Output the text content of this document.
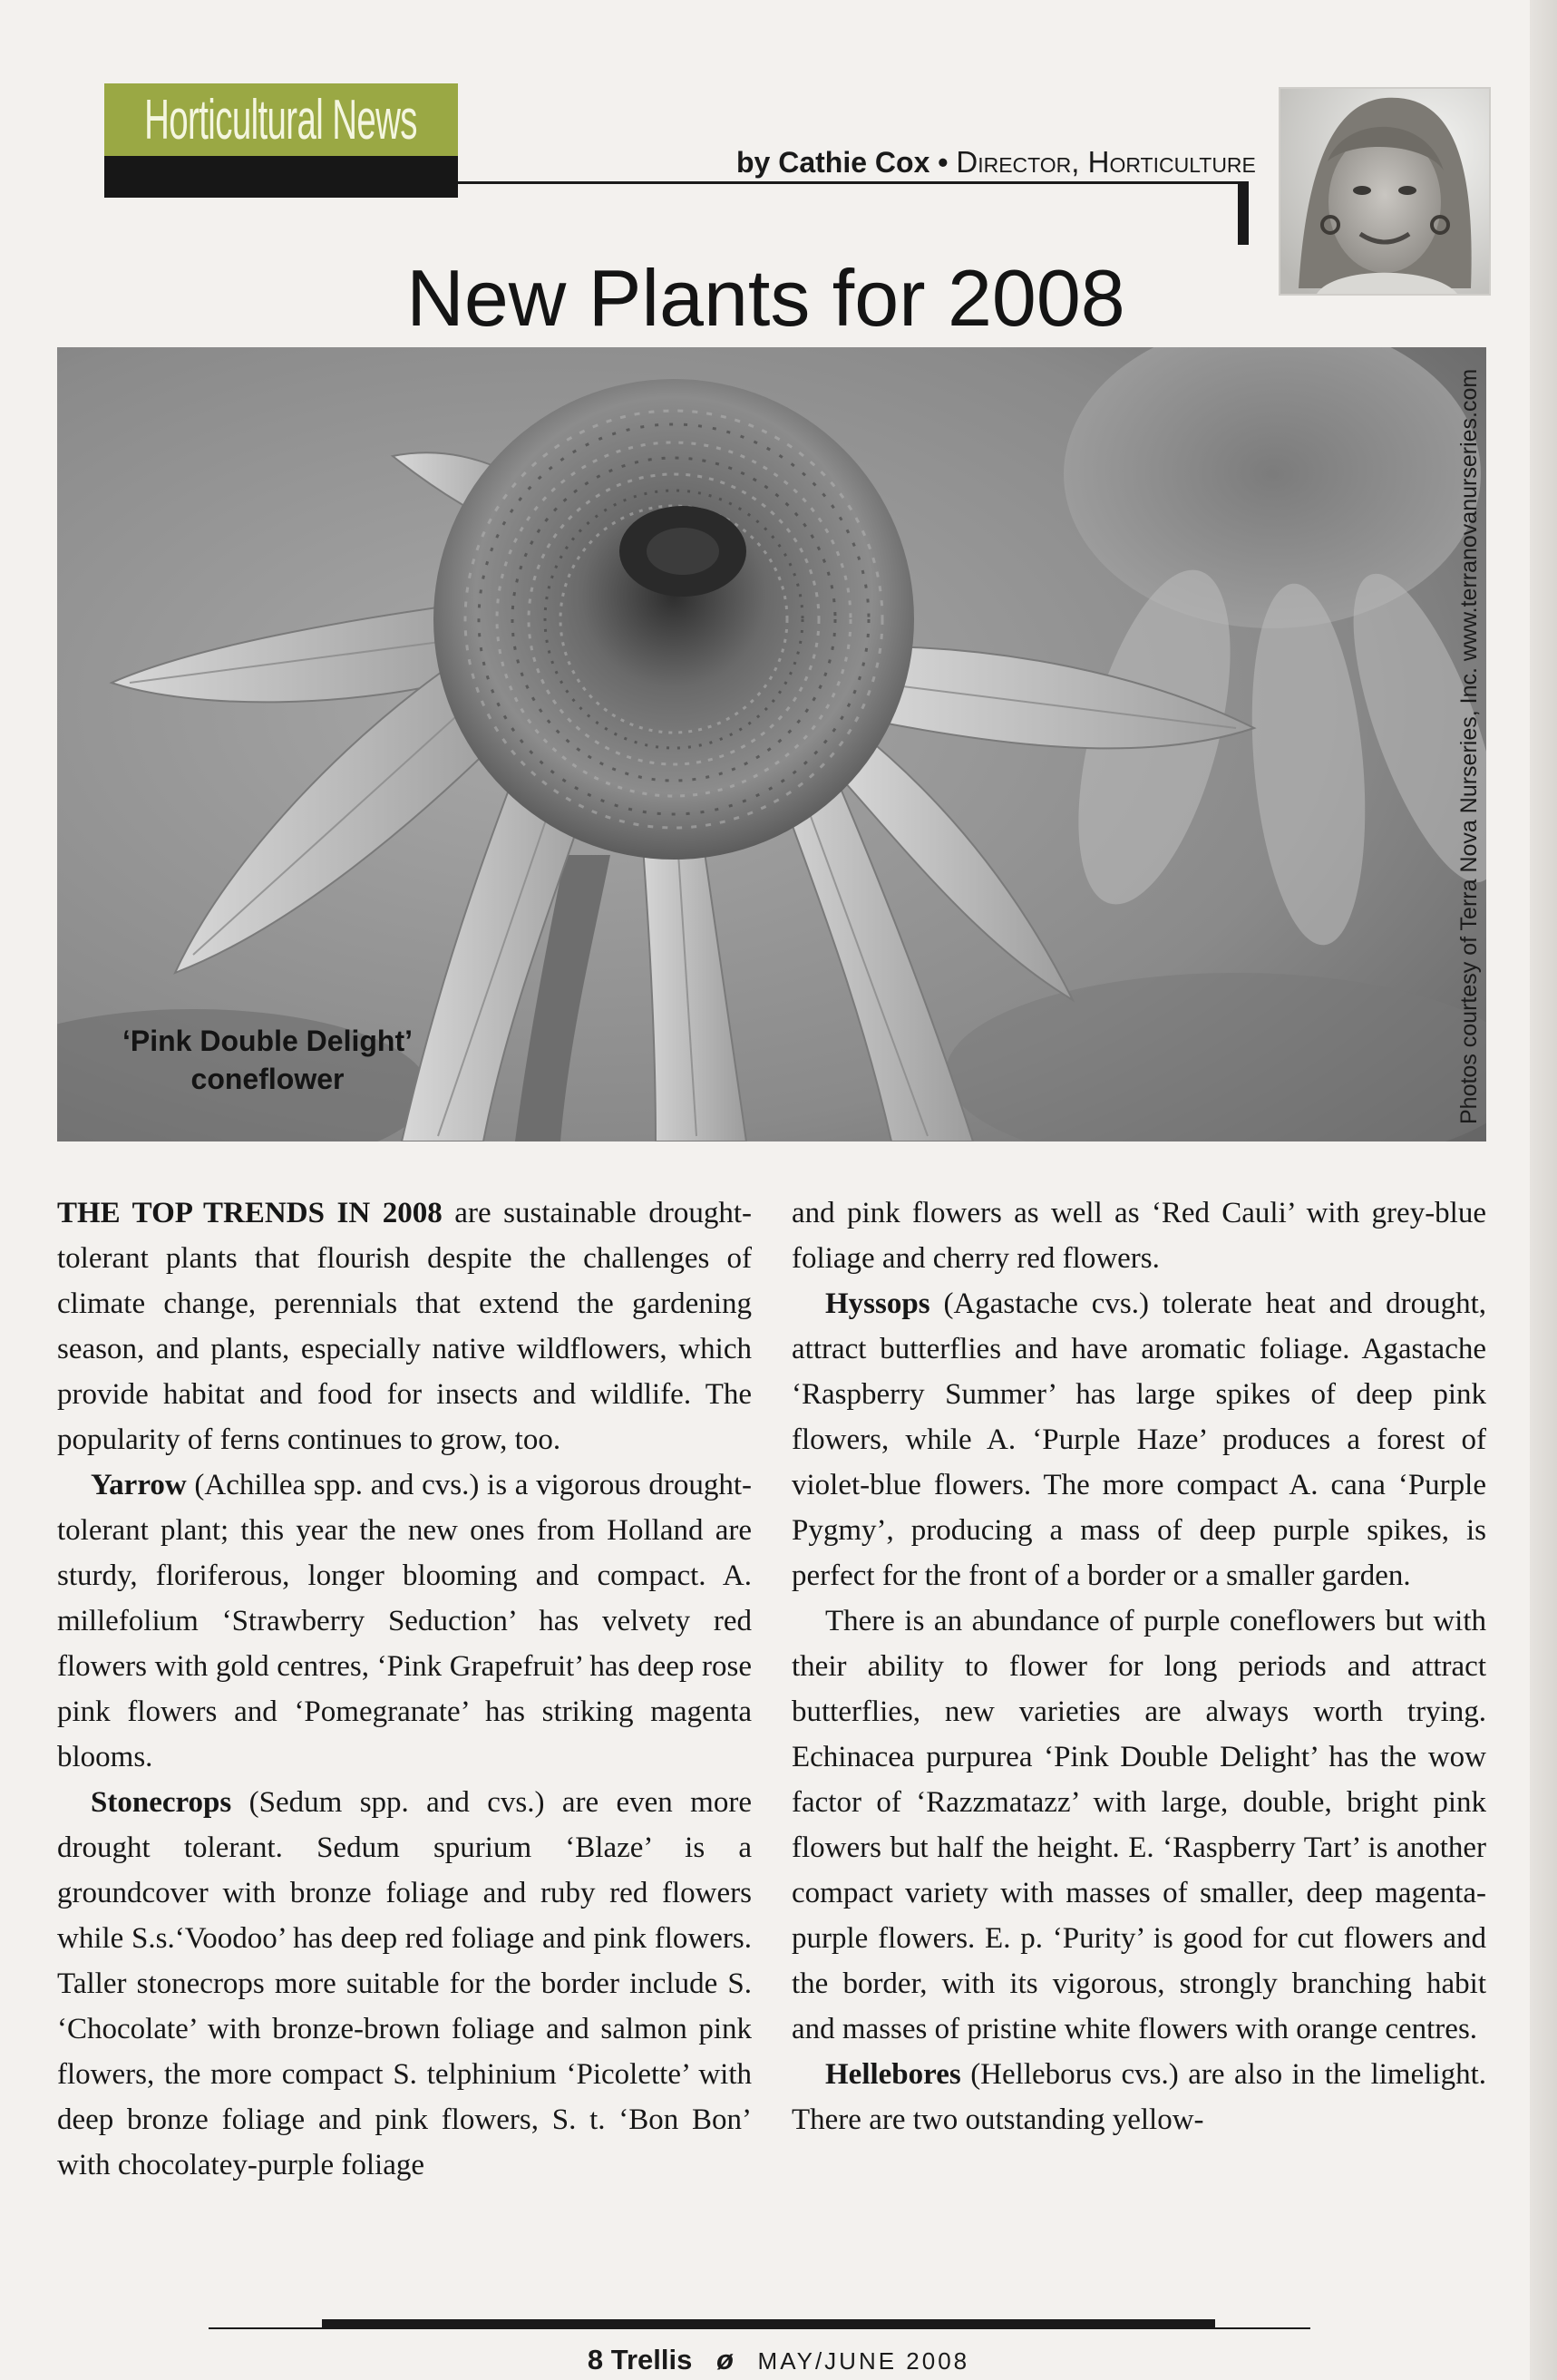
Horticultural News
by Cathie Cox • Director, Horticulture
New Plants for 2008
‘Pink Double Delight’
coneflower	Photos courtesy of Terra Nova Nurseries, Inc. www.terranovanurseries.com

THE TOP TRENDS IN 2008 are sustainable drought-tolerant plants that flourish despite the challenges of climate change, perennials that extend the gardening season, and plants, especially native wildflowers, which provide habitat and food for insects and wildlife. The popularity of ferns continues to grow, too.

Yarrow (Achillea spp. and cvs.) is a vigorous drought-tolerant plant; this year the new ones from Holland are sturdy, floriferous, longer blooming and compact. A. millefolium ‘Strawberry Seduction’ has velvety red flowers with gold centres, ‘Pink Grapefruit’ has deep rose pink flowers and ‘Pomegranate’ has striking magenta blooms.

Stonecrops (Sedum spp. and cvs.) are even more drought tolerant. Sedum spurium ‘Blaze’ is a groundcover with bronze foliage and ruby red flowers while S.s.‘Voodoo’ has deep red foliage and pink flowers. Taller stonecrops more suitable for the border include S. ‘Chocolate’ with bronze-brown foliage and salmon pink flowers, the more compact S. telphinium ‘Picolette’ with deep bronze foliage and pink flowers, S. t. ‘Bon Bon’ with chocolatey-purple foliage

and pink flowers as well as ‘Red Cauli’ with grey-blue foliage and cherry red flowers.

Hyssops (Agastache cvs.) tolerate heat and drought, attract butterflies and have aromatic foliage. Agastache ‘Raspberry Summer’ has large spikes of deep pink flowers, while A. ‘Purple Haze’ produces a forest of violet-blue flowers. The more compact A. cana ‘Purple Pygmy’, producing a mass of deep purple spikes, is perfect for the front of a border or a smaller garden.

There is an abundance of purple coneflowers but with their ability to flower for long periods and attract butterflies, new varieties are always worth trying. Echinacea purpurea ‘Pink Double Delight’ has the wow factor of ‘Razzmatazz’ with large, double, bright pink flowers but half the height. E. ‘Raspberry Tart’ is another compact variety with masses of smaller, deep magenta-purple flowers. E. p. ‘Purity’ is good for cut flowers and the border, with its vigorous, strongly branching habit and masses of pristine white flowers with orange centres.

Hellebores (Helleborus cvs.) are also in the limelight. There are two outstanding yellow-

8 Trellis ø MAY/JUNE 2008
